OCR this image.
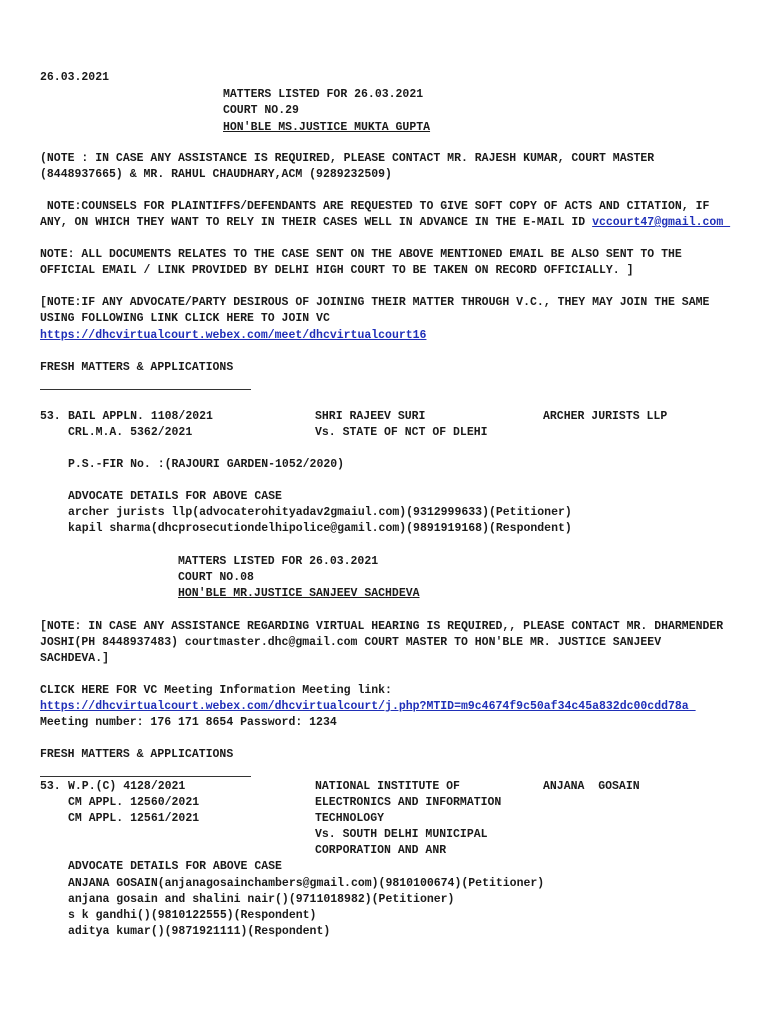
26.03.2021
MATTERS LISTED FOR 26.03.2021
COURT NO.29
HON'BLE MS.JUSTICE MUKTA GUPTA
(NOTE : IN CASE ANY ASSISTANCE IS REQUIRED, PLEASE CONTACT MR. RAJESH KUMAR, COURT MASTER
(8448937665) & MR. RAHUL CHAUDHARY,ACM (9289232509)
NOTE:COUNSELS FOR PLAINTIFFS/DEFENDANTS ARE REQUESTED TO GIVE SOFT COPY OF ACTS AND CITATION, IF
ANY, ON WHICH THEY WANT TO RELY IN THEIR CASES WELL IN ADVANCE IN THE E-MAIL ID vccourt47@gmail.com
NOTE: ALL DOCUMENTS RELATES TO THE CASE SENT ON THE ABOVE MENTIONED EMAIL BE ALSO SENT TO THE
OFFICIAL EMAIL / LINK PROVIDED BY DELHI HIGH COURT TO BE TAKEN ON RECORD OFFICIALLY. ]
[NOTE:IF ANY ADVOCATE/PARTY DESIROUS OF JOINING THEIR MATTER THROUGH V.C., THEY MAY JOIN THE SAME
USING FOLLOWING LINK CLICK HERE TO JOIN VC
https://dhcvirtualcourt.webex.com/meet/dhcvirtualcourt16
FRESH MATTERS & APPLICATIONS
53. BAIL APPLN. 1108/2021
CRL.M.A. 5362/2021
SHRI RAJEEV SURI
Vs. STATE OF NCT OF DLEHI
ARCHER JURISTS LLP
P.S.-FIR No. :(RAJOURI GARDEN-1052/2020)
ADVOCATE DETAILS FOR ABOVE CASE
archer jurists llp(advocaterohityadav2gmaiul.com)(9312999633)(Petitioner)
kapil sharma(dhcprosecutiondelhipolice@gamil.com)(9891919168)(Respondent)
MATTERS LISTED FOR 26.03.2021
COURT NO.08
HON'BLE MR.JUSTICE SANJEEV SACHDEVA
[NOTE: IN CASE ANY ASSISTANCE REGARDING VIRTUAL HEARING IS REQUIRED,, PLEASE CONTACT MR. DHARMENDER
JOSHI(PH 8448937483) courtmaster.dhc@gmail.com COURT MASTER TO HON'BLE MR. JUSTICE SANJEEV
SACHDEVA.]
CLICK HERE FOR VC Meeting Information Meeting link:
https://dhcvirtualcourt.webex.com/dhcvirtualcourt/j.php?MTID=m9c4674f9c50af34c45a832dc00cdd78a
Meeting number: 176 171 8654 Password: 1234
FRESH MATTERS & APPLICATIONS
53. W.P.(C) 4128/2021
CM APPL. 12560/2021
CM APPL. 12561/2021
NATIONAL INSTITUTE OF
ELECTRONICS AND INFORMATION
TECHNOLOGY
Vs. SOUTH DELHI MUNICIPAL
CORPORATION AND ANR
ANJANA  GOSAIN
ADVOCATE DETAILS FOR ABOVE CASE
ANJANA GOSAIN(anjanagosainchambers@gmail.com)(9810100674)(Petitioner)
anjana gosain and shalini nair()(9711018982)(Petitioner)
s k gandhi()(9810122555)(Respondent)
aditya kumar()(9871921111)(Respondent)
